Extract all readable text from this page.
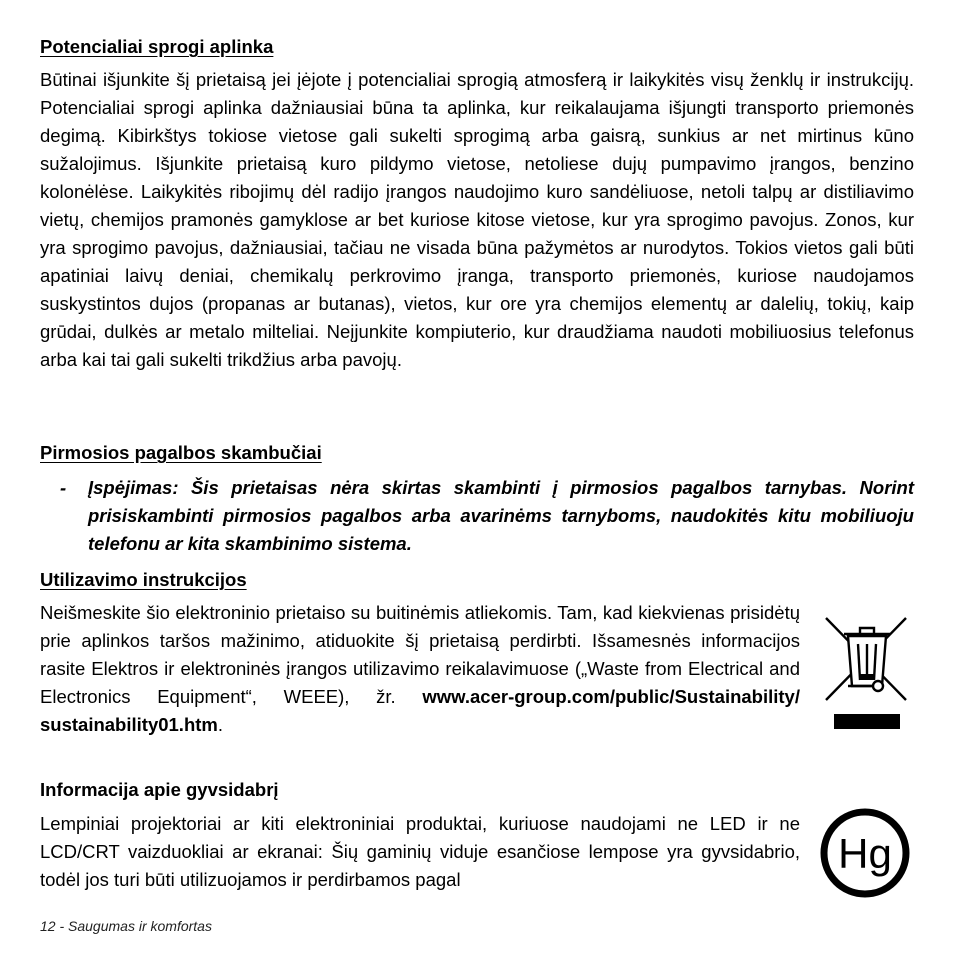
Potencialiai sprogi aplinka

Būtinai išjunkite šį prietaisą jei įėjote į potencialiai sprogią atmosferą ir laikykitės visų ženklų ir instrukcijų. Potencialiai sprogi aplinka dažniausiai būna ta aplinka, kur reikalaujama išjungti transporto priemonės degimą. Kibirkštys tokiose vietose gali sukelti sprogimą arba gaisrą, sunkius ar net mirtinus kūno sužalojimus. Išjunkite prietaisą kuro pildymo vietose, netoliese dujų pumpavimo įrangos, benzino kolonėlėse. Laikykitės ribojimų dėl radijo įrangos naudojimo kuro sandėliuose, netoli talpų ar distiliavimo vietų, chemijos pramonės gamyklose ar bet kuriose kitose vietose, kur yra sprogimo pavojus. Zonos, kur yra sprogimo pavojus, dažniausiai, tačiau ne visada būna pažymėtos ar nurodytos. Tokios vietos gali būti apatiniai laivų deniai, chemikalų perkrovimo įranga, transporto priemonės, kuriose naudojamos suskystintos dujos (propanas ar butanas), vietos, kur ore yra chemijos elementų ar dalelių, tokių, kaip grūdai, dulkės ar metalo milteliai. Neįjunkite kompiuterio, kur draudžiama naudoti mobiliuosius telefonus arba kai tai gali sukelti trikdžius arba pavojų.

Pirmosios pagalbos skambučiai
- Įspėjimas: Šis prietaisas nėra skirtas skambinti į pirmosios pagalbos tarnybas. Norint prisiskambinti pirmosios pagalbos arba avarinėms tarnyboms, naudokitės kitu mobiliuoju telefonu ar kita skambinimo sistema.
Utilizavimo instrukcijos

Neišmeskite šio elektroninio prietaiso su buitinėmis atliekomis. Tam, kad kiekvienas prisidėtų prie aplinkos taršos mažinimo, atiduokite šį prietaisą perdirbti. Išsamesnės informacijos rasite Elektros ir elektroninės įrangos utilizavimo reikalavimuose („Waste from Electrical and Electronics Equipment“, WEEE), žr. www.acer-group.com/public/Sustainability/ sustainability01.htm.

Informacija apie gyvsidabrį

Lempiniai projektoriai ar kiti elektroniniai produktai, kuriuose naudojami ne LED ir ne LCD/CRT vaizduokliai ar ekranai: Šių gaminių viduje esančiose lempose yra gyvsidabrio, todėl jos turi būti utilizuojamos ir perdirbamos pagal

Hg
12 - Saugumas ir komfortas
